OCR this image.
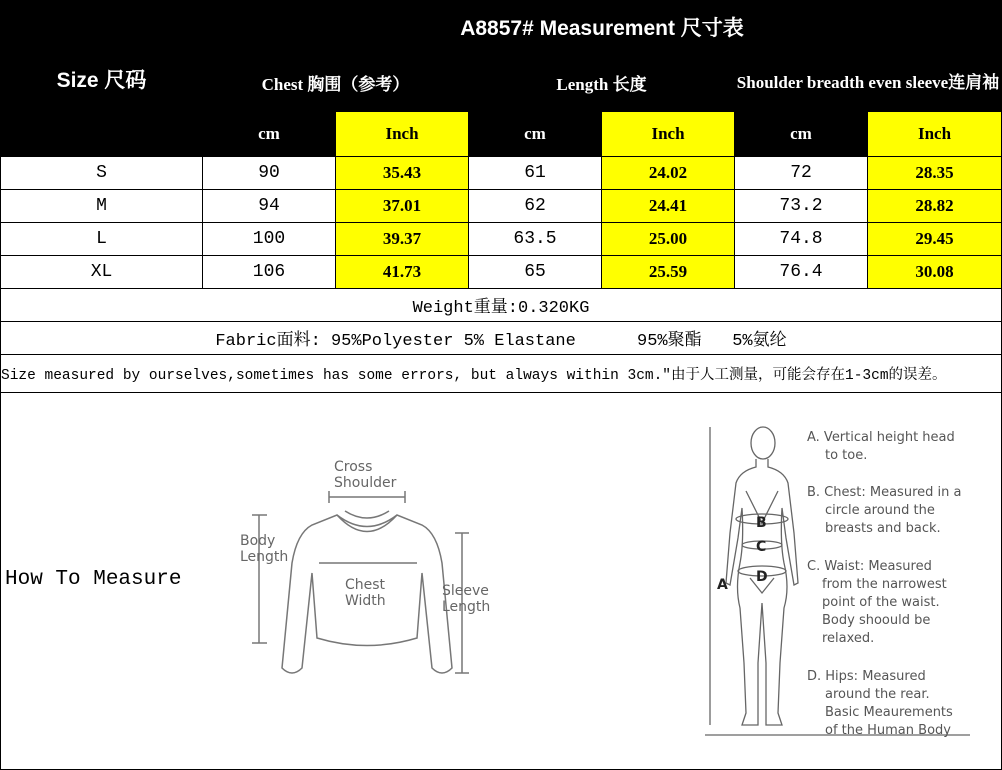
Size 尺码	A8857# Measurement 尺寸表					
	Chest 胸围（参考）		Length 长度		Shoulder breadth even sleeve连肩袖	
	cm	Inch	cm	Inch	cm	Inch
S	90	35.43	61	24.02	72	28.35
M	94	37.01	62	24.41	73.2	28.82
L	100	39.37	63.5	25.00	74.8	29.45
XL	106	41.73	65	25.59	76.4	30.08
Weight重量:0.320KG						
Fabric面料: 95%Polyester 5% Elastane      95%聚酯   5%氨纶						
Size measured by ourselves,sometimes has some errors, but always within 3cm."由于人工测量，可能会存在1-3cm的误差。						
How To Measure
Cross
Shoulder
Body
Length
Chest
Width
Sleeve
Length
A
B
C
D
A. Vertical height head
to toe.
B. Chest: Measured in a
circle around the
breasts and back.
C. Waist: Measured
from the narrowest
point of the waist.
Body shoould be
relaxed.
D. Hips: Measured
around the rear.
Basic Meaurements
of the Human Body
